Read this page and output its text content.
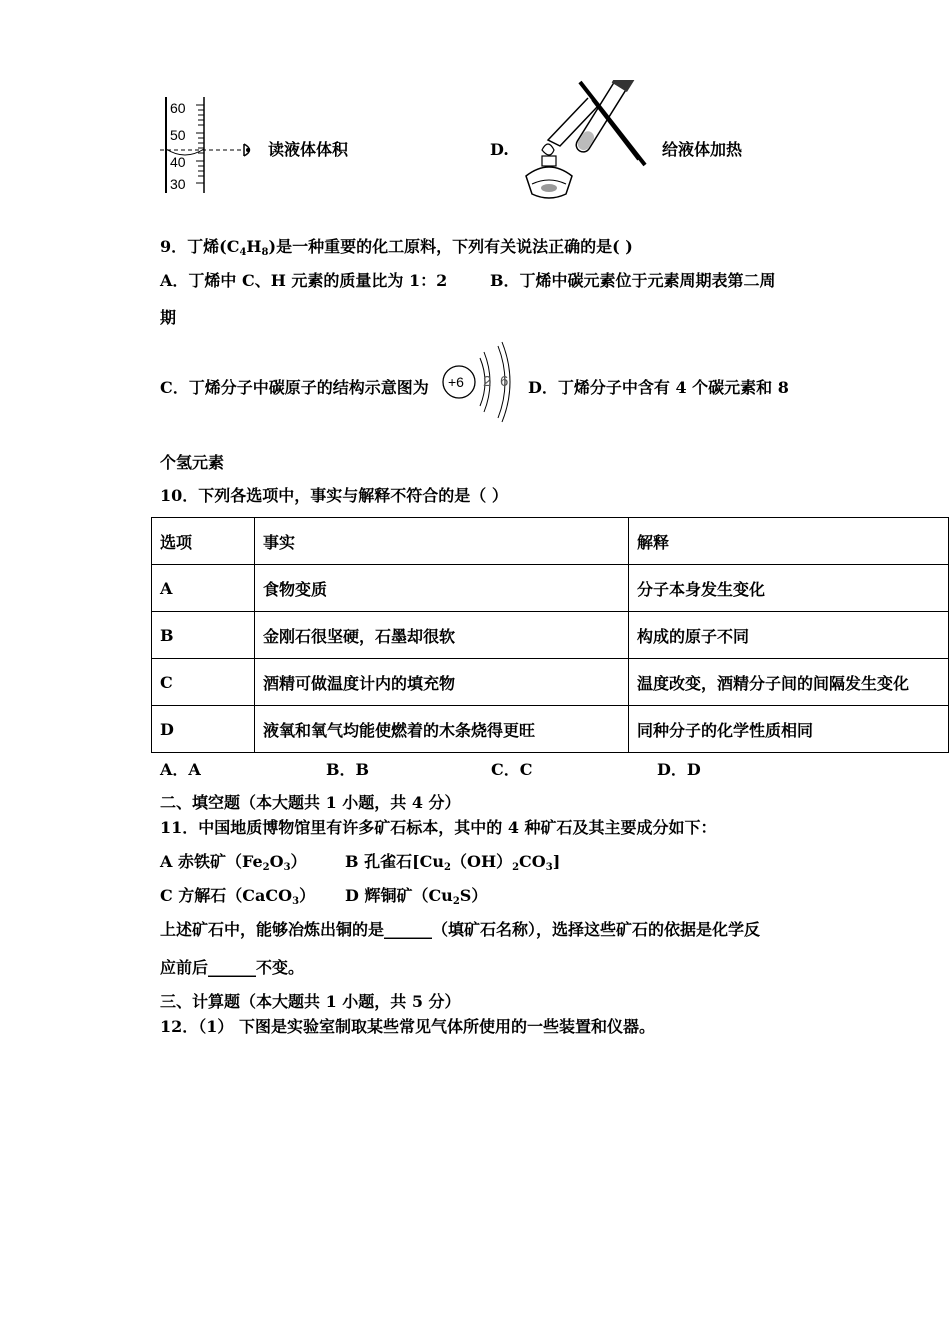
60
50
40
30
读液体体积	D.	给液体加热
9．丁烯$(C_4H_8)$是一种重要的化工原料，下列有关说法正确的是( )
A．丁烯中 C、H 元素的质量比为 1：2	B．丁烯中碳元素位于元素周期表第二周
期
C．丁烯分子中碳原子的结构示意图为 +6 2 6 D．丁烯分子中含有 4 个碳元素和 8
个氢元素
10．下列各选项中，事实与解释不符合的是（ ）
选项	事实	解释
A	食物变质	分子本身发生变化
B	金刚石很坚硬，石墨却很软	构成的原子不同
C	酒精可做温度计内的填充物	温度改变，酒精分子间的间隔发生变化
D	液氧和氧气均能使燃着的木条烧得更旺	同种分子的化学性质相同
A．A	B．B	C．C	D．D
二、填空题（本大题共 1 小题，共 4 分）
11．中国地质博物馆里有许多矿石标本，其中的 4 种矿石及其主要成分如下：
A 赤铁矿$(Fe_2O_3)$ B 孔雀石$[Cu_2(OH)_2CO_3]$
C 方解石（CaCO$_3$） D 辉铜矿$(Cu_2S)$
上述矿石中，能够冶炼出铜的是______（填矿石名称），选择这些矿石的依据是化学反
应前后______不变。
三、计算题（本大题共 1 小题，共 5 分）
12．（1） 下图是实验室制取某些常见气体所使用的一些装置和仪器。
